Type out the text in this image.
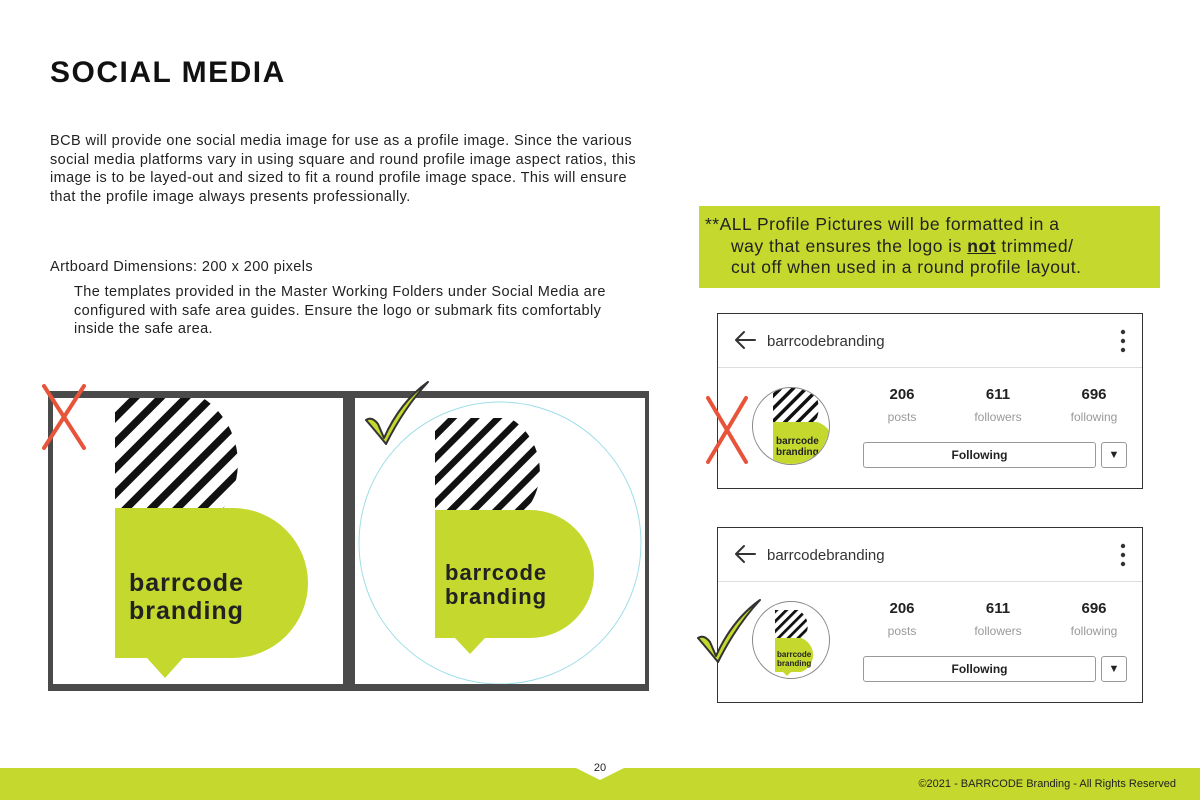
SOCIAL MEDIA

BCB will provide one social media image for use as a profile image. Since the various social media platforms vary in using square and round profile image aspect ratios, this image is to be layed-out and sized to fit a round profile image space. This will ensure that the profile image always presents professionally.

Artboard Dimensions: 200 x 200 pixels

The templates provided in the Master Working Folders under Social Media are configured with safe area guides. Ensure the logo or submark fits comfortably inside the safe area.

barrcode
branding
barrcode
branding

**ALL Profile Pictures will be formatted in a
way that ensures the logo is not trimmed/
cut off when used in a round profile layout.

barrcodebranding
barrcode
branding
206
posts
611
followers
696
following
Following	▼
barrcodebranding
barrcode
branding
206
posts
611
followers
696
following
Following	▼
20
©2021 - BARRCODE Branding - All Rights Reserved
